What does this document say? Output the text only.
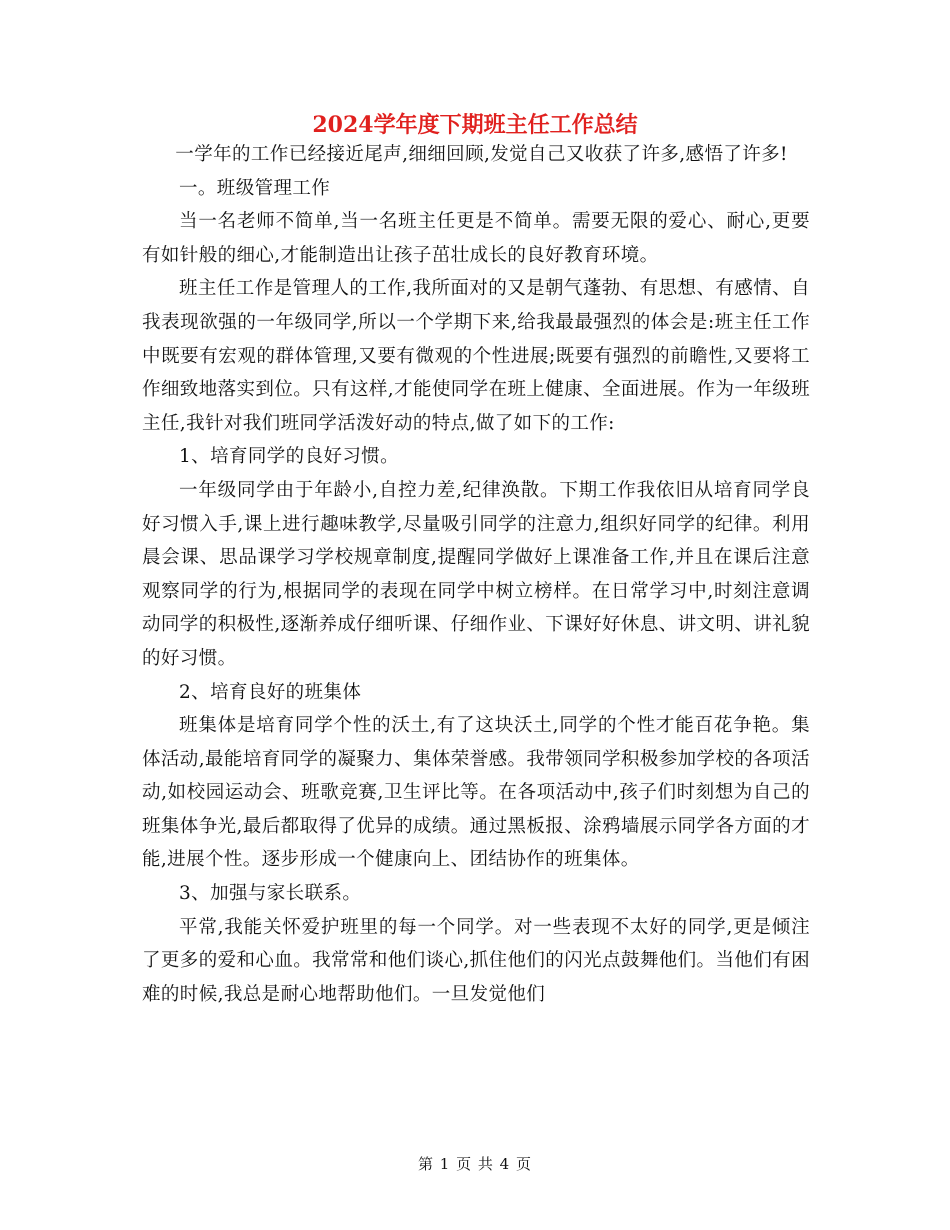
2024学年度下期班主任工作总结

一学年的工作已经接近尾声,细细回顾,发觉自己又收获了许多,感悟了许多!

一。班级管理工作

当一名老师不简单,当一名班主任更是不简单。需要无限的爱心、耐心,更要有如针般的细心,才能制造出让孩子茁壮成长的良好教育环境。

班主任工作是管理人的工作,我所面对的又是朝气蓬勃、有思想、有感情、自我表现欲强的一年级同学,所以一个学期下来,给我最最强烈的体会是:班主任工作中既要有宏观的群体管理,又要有微观的个性进展;既要有强烈的前瞻性,又要将工作细致地落实到位。只有这样,才能使同学在班上健康、全面进展。作为一年级班主任,我针对我们班同学活泼好动的特点,做了如下的工作:

1、培育同学的良好习惯。

一年级同学由于年龄小,自控力差,纪律涣散。下期工作我依旧从培育同学良好习惯入手,课上进行趣味教学,尽量吸引同学的注意力,组织好同学的纪律。利用晨会课、思品课学习学校规章制度,提醒同学做好上课准备工作,并且在课后注意观察同学的行为,根据同学的表现在同学中树立榜样。在日常学习中,时刻注意调动同学的积极性,逐渐养成仔细听课、仔细作业、下课好好休息、讲文明、讲礼貌的好习惯。

2、培育良好的班集体

班集体是培育同学个性的沃土,有了这块沃土,同学的个性才能百花争艳。集体活动,最能培育同学的凝聚力、集体荣誉感。我带领同学积极参加学校的各项活动,如校园运动会、班歌竞赛,卫生评比等。在各项活动中,孩子们时刻想为自己的班集体争光,最后都取得了优异的成绩。通过黑板报、涂鸦墙展示同学各方面的才能,进展个性。逐步形成一个健康向上、团结协作的班集体。

3、加强与家长联系。

平常,我能关怀爱护班里的每一个同学。对一些表现不太好的同学,更是倾注了更多的爱和心血。我常常和他们谈心,抓住他们的闪光点鼓舞他们。当他们有困难的时候,我总是耐心地帮助他们。一旦发觉他们

第 1 页 共 4 页
